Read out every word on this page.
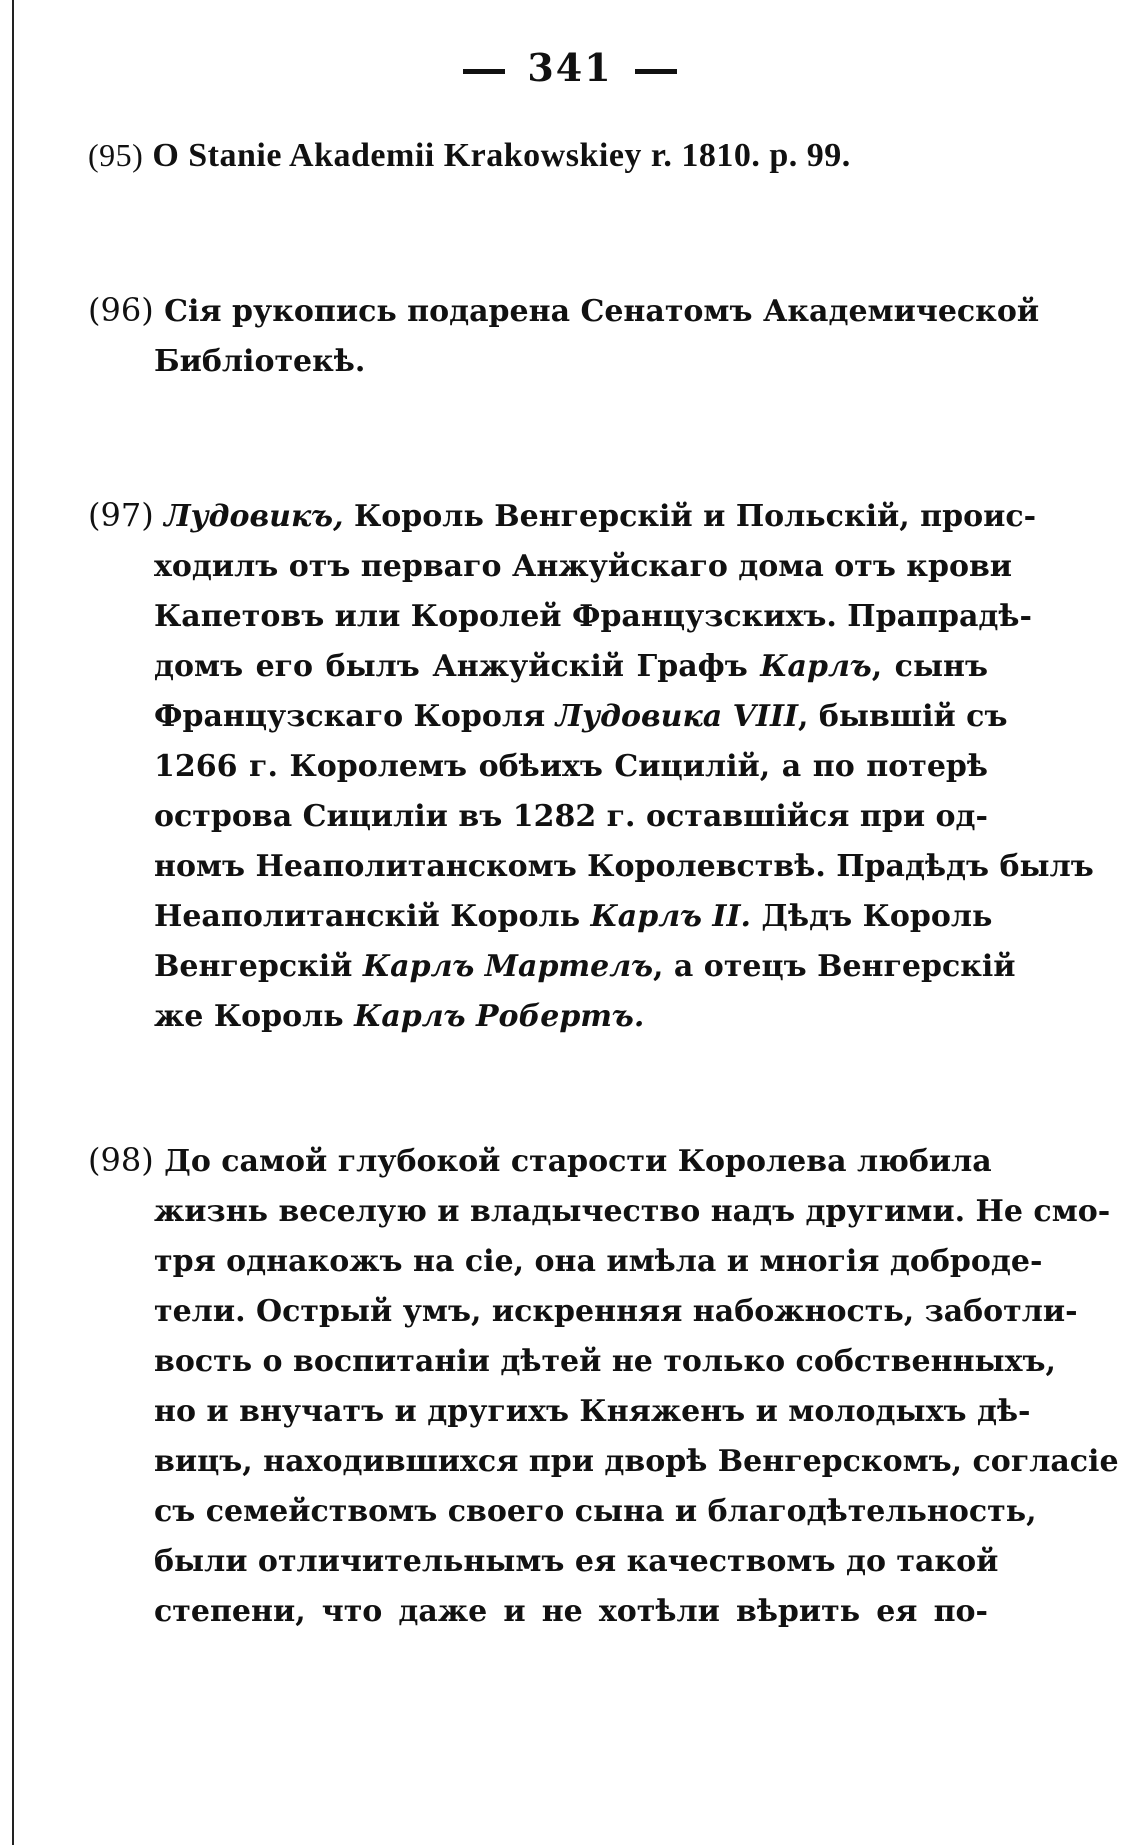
341
(95) O Stanie Akademii Krakowskiey r. 1810. p. 99.
(96) Сія рукопись подарена Сенатомъ Академической
Библіотекѣ.
(97) Лудовикъ, Король Венгерскій и Польскій, проис-
ходилъ отъ перваго Анжуйскаго дома отъ крови
Капетовъ или Королей Французскихъ. Прапрадѣ-
домъ его былъ Анжуйскій Графъ Карлъ, сынъ
Французскаго Короля Лудовика VIII, бывшій съ
1266 г. Королемъ обѣихъ Сицилій, а по потерѣ
острова Сициліи въ 1282 г. оставшійся при од-
номъ Неаполитанскомъ Королевствѣ. Прадѣдъ былъ
Неаполитанскій Король Карлъ II. Дѣдъ Король
Венгерскій Карлъ Мартелъ, а отецъ Венгерскій
же Король Карлъ Робертъ.
(98) До самой глубокой старости Королева любила
жизнь веселую и владычество надъ другими. Не смо-
тря однакожъ на сіе, она имѣла и многія доброде-
тели. Острый умъ, искренняя набожность, заботли-
вость о воспитаніи дѣтей не только собственныхъ,
но и внучатъ и другихъ Княженъ и молодыхъ дѣ-
вицъ, находившихся при дворѣ Венгерскомъ, согласіе
съ семействомъ своего сына и благодѣтельность,
были отличительнымъ ея качествомъ до такой
степени, что даже и не хотѣли вѣрить ея по-
